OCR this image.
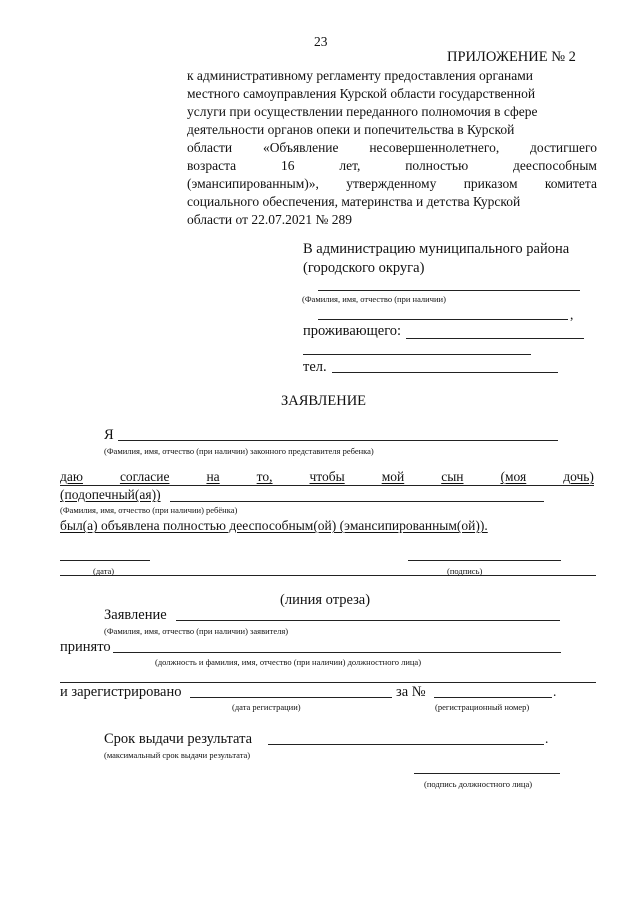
23
ПРИЛОЖЕНИЕ № 2
к административному регламенту предоставления органами
местного самоуправления Курской области государственной
услуги при осуществлении переданного полномочия в сфере
деятельности органов опеки и попечительства в Курской
области «Объявление несовершеннолетнего, достигшего
возраста	16	лет,	полностью	дееспособным
(эмансипированным)», утвержденному приказом комитета
социального обеспечения, материнства и детства Курской
области от 22.07.2021 № 289
В администрацию муниципального района
(городского округа)
(Фамилия, имя, отчество (при наличии)
,
проживающего:
тел.
ЗАЯВЛЕНИЕ
Я
(Фамилия, имя, отчество (при наличии) законного представителя ребенка)
даю	согласие	на	то,	чтобы	мой	сын	(моя	дочь)
(подопечный(ая))
(Фамилия, имя, отчество (при наличии) ребёнка)
был(а) объявлена полностью дееспособным(ой) (эмансипированным(ой)).
(дата)	(подпись)
(линия отреза)
Заявление
(Фамилия, имя, отчество (при наличии) заявителя)
принято
(должность и фамилия, имя, отчество (при наличии) должностного лица)
и зарегистрировано	за №	.
(дата регистрации)	(регистрационный номер)
Срок выдачи результата	.
(максимальный срок выдачи результата)
(подпись должностного лица)
